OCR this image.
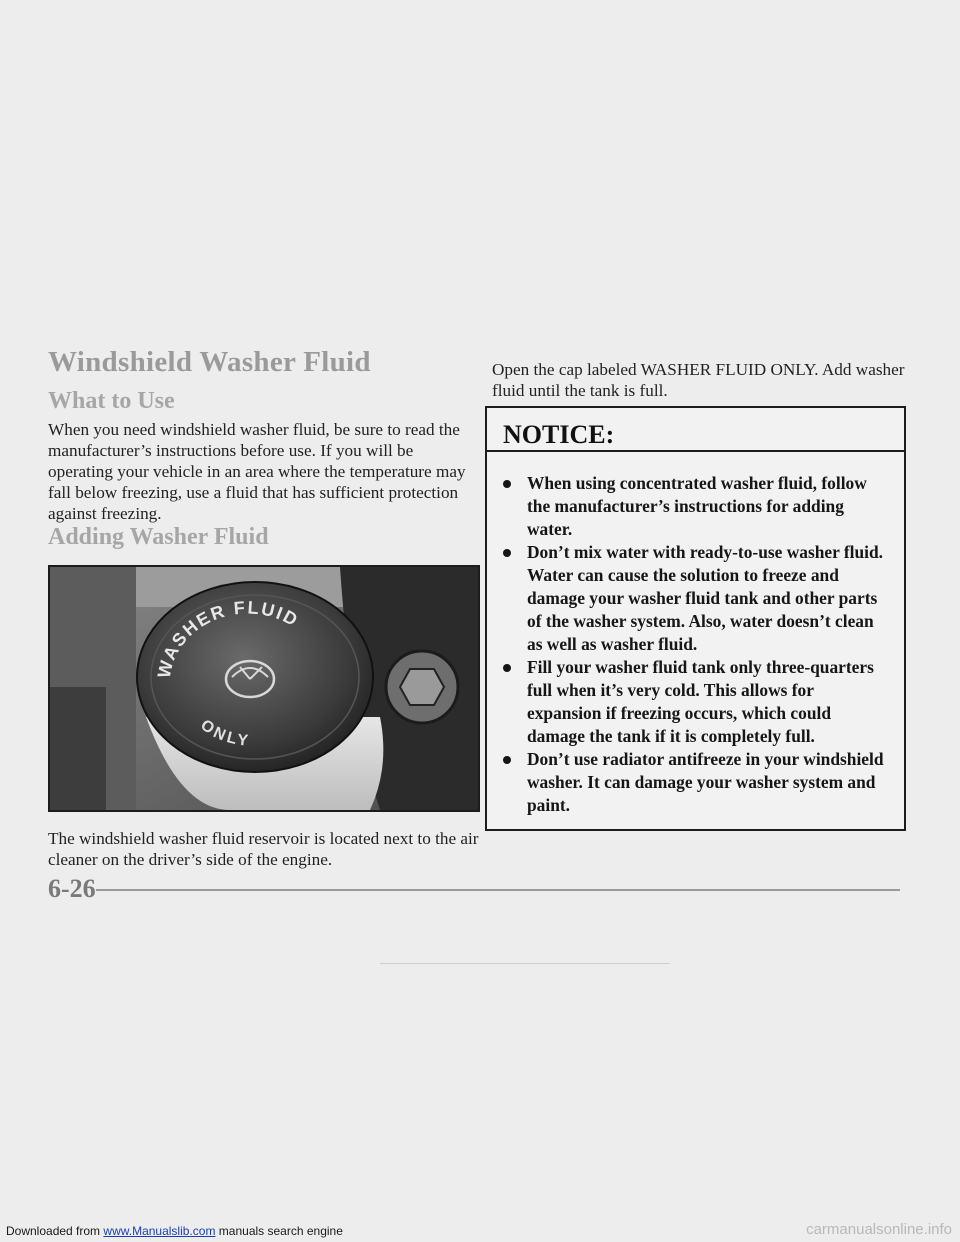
Windshield Washer Fluid
What to Use

When you need windshield washer fluid, be sure to read the manufacturer’s instructions before use. If you will be operating your vehicle in an area where the temperature may fall below freezing, use a fluid that has sufficient protection against freezing.

Adding Washer Fluid
WASHER FLUID
ONLY

The windshield washer fluid reservoir is located next to the air cleaner on the driver’s side of the engine.

Open the cap labeled WASHER FLUID ONLY. Add washer fluid until the tank is full.

NOTICE:
When using concentrated washer fluid, follow the manufacturer’s instructions for adding water.
Don’t mix water with ready-to-use washer fluid. Water can cause the solution to freeze and damage your washer fluid tank and other parts of the washer system. Also, water doesn’t clean as well as washer fluid.
Fill your washer fluid tank only three-quarters full when it’s very cold. This allows for expansion if freezing occurs, which could damage the tank if it is completely full.
Don’t use radiator antifreeze in your windshield washer. It can damage your washer system and paint.

6-26

Downloaded from www.Manualslib.com manuals search engine	carmanualsonline.info
